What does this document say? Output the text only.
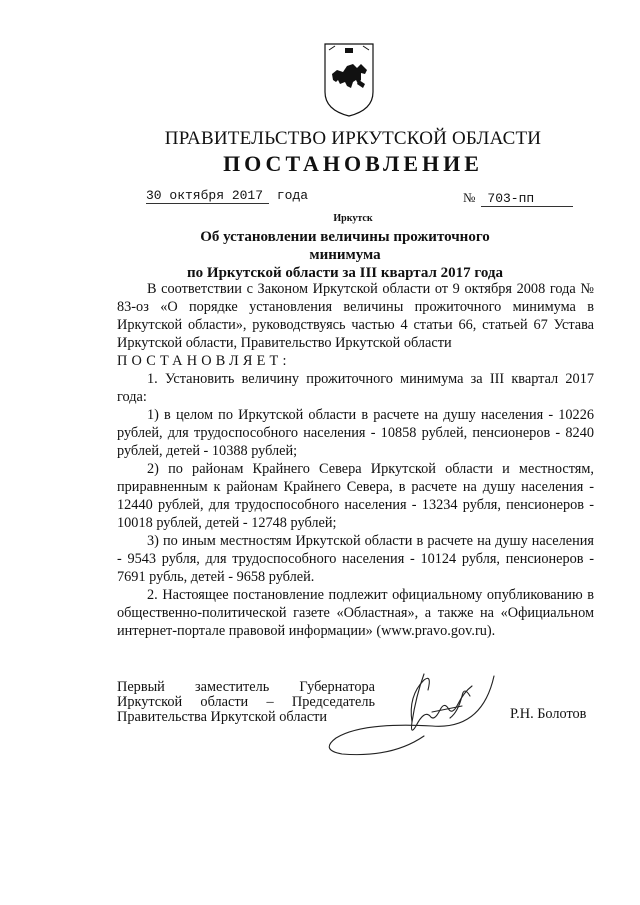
ПРАВИТЕЛЬСТВО ИРКУТСКОЙ ОБЛАСТИ
ПОСТАНОВЛЕНИЕ
30 октября 2017 года	№ 703-пп
Иркутск
Об установлении величины прожиточного минимума
по Иркутской области за III квартал 2017 года

В соответствии с Законом Иркутской области от 9 октября 2008 года № 83-оз «О порядке установления величины прожиточного минимума в Иркутской области», руководствуясь частью 4 статьи 66, статьей 67 Устава Иркутской области, Правительство Иркутской области

ПОСТАНОВЛЯЕТ:

1. Установить величину прожиточного минимума за III квартал 2017 года:

1) в целом по Иркутской области в расчете на душу населения - 10226 рублей, для трудоспособного населения - 10858 рублей, пенсионеров - 8240 рублей, детей - 10388 рублей;

2) по районам Крайнего Севера Иркутской области и местностям, приравненным к районам Крайнего Севера, в расчете на душу населения - 12440 рублей, для трудоспособного населения - 13234 рубля, пенсионеров - 10018 рублей, детей - 12748 рублей;

3) по иным местностям Иркутской области в расчете на душу населения - 9543 рубля, для трудоспособного населения - 10124 рубля, пенсионеров - 7691 рубль, детей - 9658 рублей.

2. Настоящее постановление подлежит официальному опубликованию в общественно-политической газете «Областная», а также на «Официальном интернет-портале правовой информации» (www.pravo.gov.ru).

Первый заместитель Губернатора
Иркутской области – Председатель
Правительства Иркутской области	Р.Н. Болотов
